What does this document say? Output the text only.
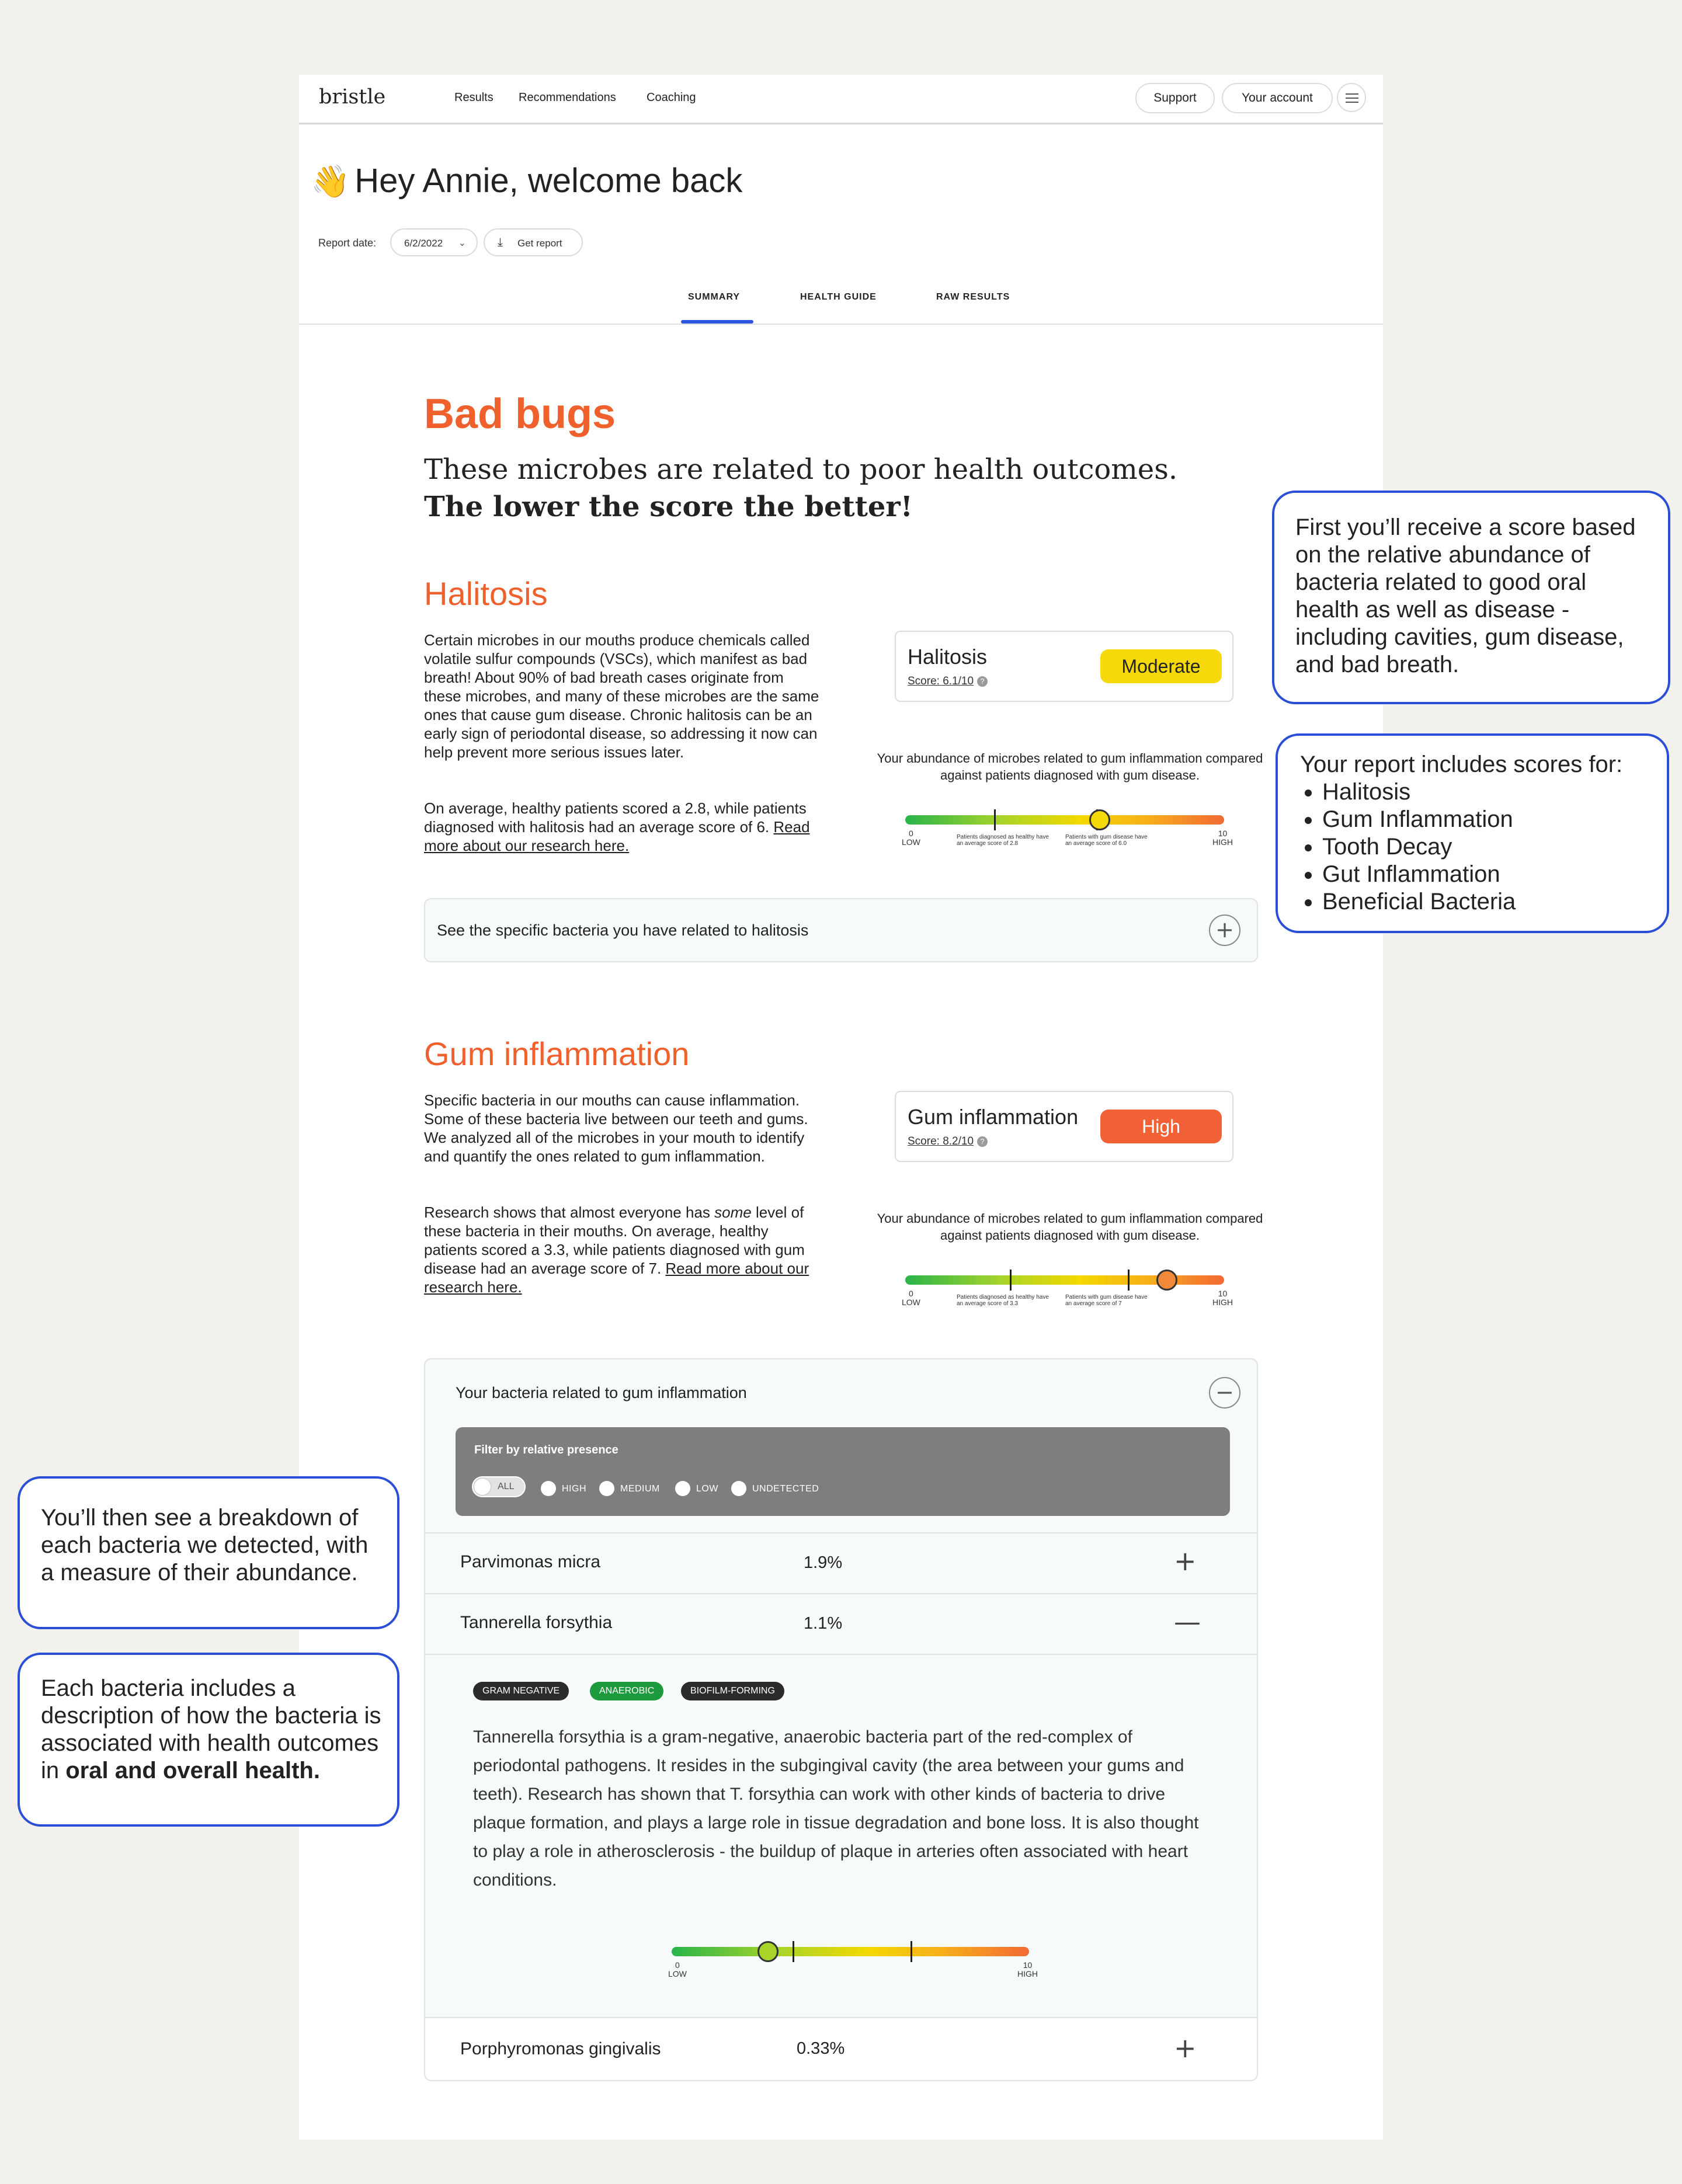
bristle	Results Recommendations	Coaching	Support	Your account
👋 Hey Annie, welcome back
Report date:	6/2/2022 ⌄	⤓ Get report
SUMMARY	HEALTH GUIDE	RAW RESULTS
Bad bugs
These microbes are related to poor health outcomes.
The lower the score the better!
Halitosis
Certain microbes in our mouths produce chemicals called volatile sulfur compounds (VSCs), which manifest as bad breath! About 90% of bad breath cases originate from these microbes, and many of these microbes are the same ones that cause gum disease. Chronic halitosis can be an early sign of periodontal disease, so addressing it now can help prevent more serious issues later.
On average, healthy patients scored a 2.8, while patients diagnosed with halitosis had an average score of 6. Read more about our research here.
Halitosis
Score: 6.1/10 ?
Moderate
Your abundance of microbes related to gum inflammation compared against patients diagnosed with gum disease.
0
LOW
10
HIGH
Patients diagnosed as healthy have an average score of 2.8
Patients with gum disease have an average score of 6.0
See the specific bacteria you have related to halitosis	+
Gum inflammation
Specific bacteria in our mouths can cause inflammation. Some of these bacteria live between our teeth and gums. We analyzed all of the microbes in your mouth to identify and quantify the ones related to gum inflammation.
Research shows that almost everyone has some level of these bacteria in their mouths. On average, healthy patients scored a 3.3, while patients diagnosed with gum disease had an average score of 7. Read more about our research here.
Gum inflammation
Score: 8.2/10 ?
High
Your abundance of microbes related to gum inflammation compared against patients diagnosed with gum disease.
0
LOW
10
HIGH
Patients diagnosed as healthy have an average score of 3.3
Patients with gum disease have an average score of 7
Your bacteria related to gum inflammation	−
Filter by relative presence
ALL	HIGH	MEDIUM	LOW	UNDETECTED
Parvimonas micra	1.9%	+
Tannerella forsythia	1.1%	—
Porphyromonas gingivalis	0.33%	+
GRAM NEGATIVE	ANAEROBIC	BIOFILM-FORMING
Tannerella forsythia is a gram-negative, anaerobic bacteria part of the red-complex of periodontal pathogens. It resides in the subgingival cavity (the area between your gums and teeth). Research has shown that T. forsythia can work with other kinds of bacteria to drive plaque formation, and plays a large role in tissue degradation and bone loss. It is also thought to play a role in atherosclerosis - the buildup of plaque in arteries often associated with heart conditions.
0
LOW
10
HIGH
First you’ll receive a score based on the relative abundance of bacteria related to good oral health as well as disease - including cavities, gum disease, and bad breath.
Your report includes scores for:
• Halitosis
• Gum Inflammation
• Tooth Decay
• Gut Inflammation
• Beneficial Bacteria
You’ll then see a breakdown of each bacteria we detected, with a measure of their abundance.
Each bacteria includes a description of how the bacteria is associated with health outcomes in oral and overall health.
